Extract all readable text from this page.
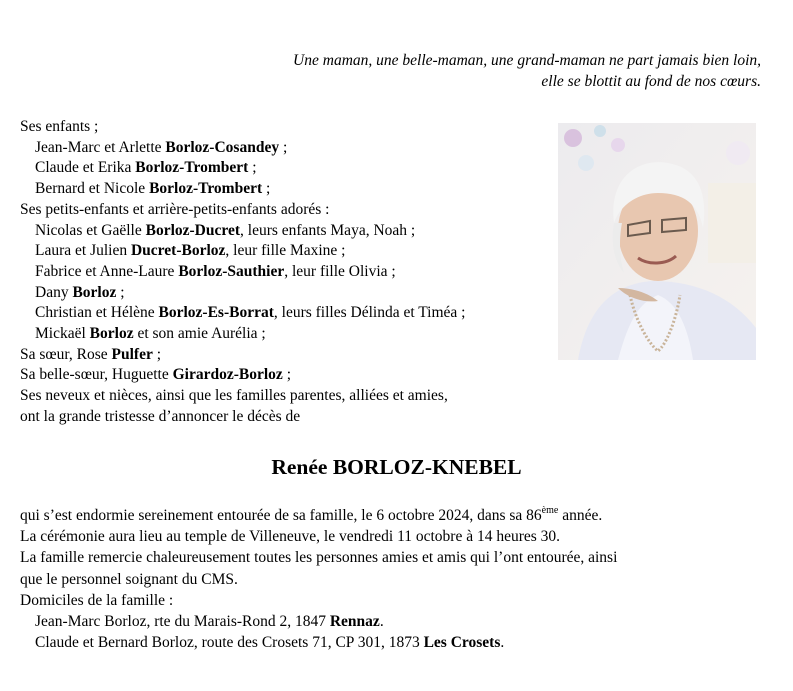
Une maman, une belle-maman, une grand-maman ne part jamais bien loin,
elle se blottit au fond de nos cœurs.
Ses enfants ;
Jean-Marc et Arlette Borloz-Cosandey ;
Claude et Erika Borloz-Trombert ;
Bernard et Nicole Borloz-Trombert ;
Ses petits-enfants et arrière-petits-enfants adorés :
Nicolas et Gaëlle Borloz-Ducret, leurs enfants Maya, Noah ;
Laura et Julien Ducret-Borloz, leur fille Maxine ;
Fabrice et Anne-Laure Borloz-Sauthier, leur fille Olivia ;
Dany Borloz ;
Christian et Hélène Borloz-Es-Borrat, leurs filles Délinda et Timéa ;
Mickaël Borloz et son amie Aurélia ;
Sa sœur, Rose Pulfer ;
Sa belle-sœur, Huguette Girardoz-Borloz ;
Ses neveux et nièces, ainsi que les familles parentes, alliées et amies,
ont la grande tristesse d’annoncer le décès de
Renée BORLOZ-KNEBEL
qui s’est endormie sereinement entourée de sa famille, le 6 octobre 2024, dans sa 86ème année.
La cérémonie aura lieu au temple de Villeneuve, le vendredi 11 octobre à 14 heures 30.
La famille remercie chaleureusement toutes les personnes amies et amis qui l’ont entourée, ainsi
que le personnel soignant du CMS.
Domiciles de la famille :
Jean-Marc Borloz, rte du Marais-Rond 2, 1847 Rennaz.
Claude et Bernard Borloz, route des Crosets 71, CP 301, 1873 Les Crosets.
